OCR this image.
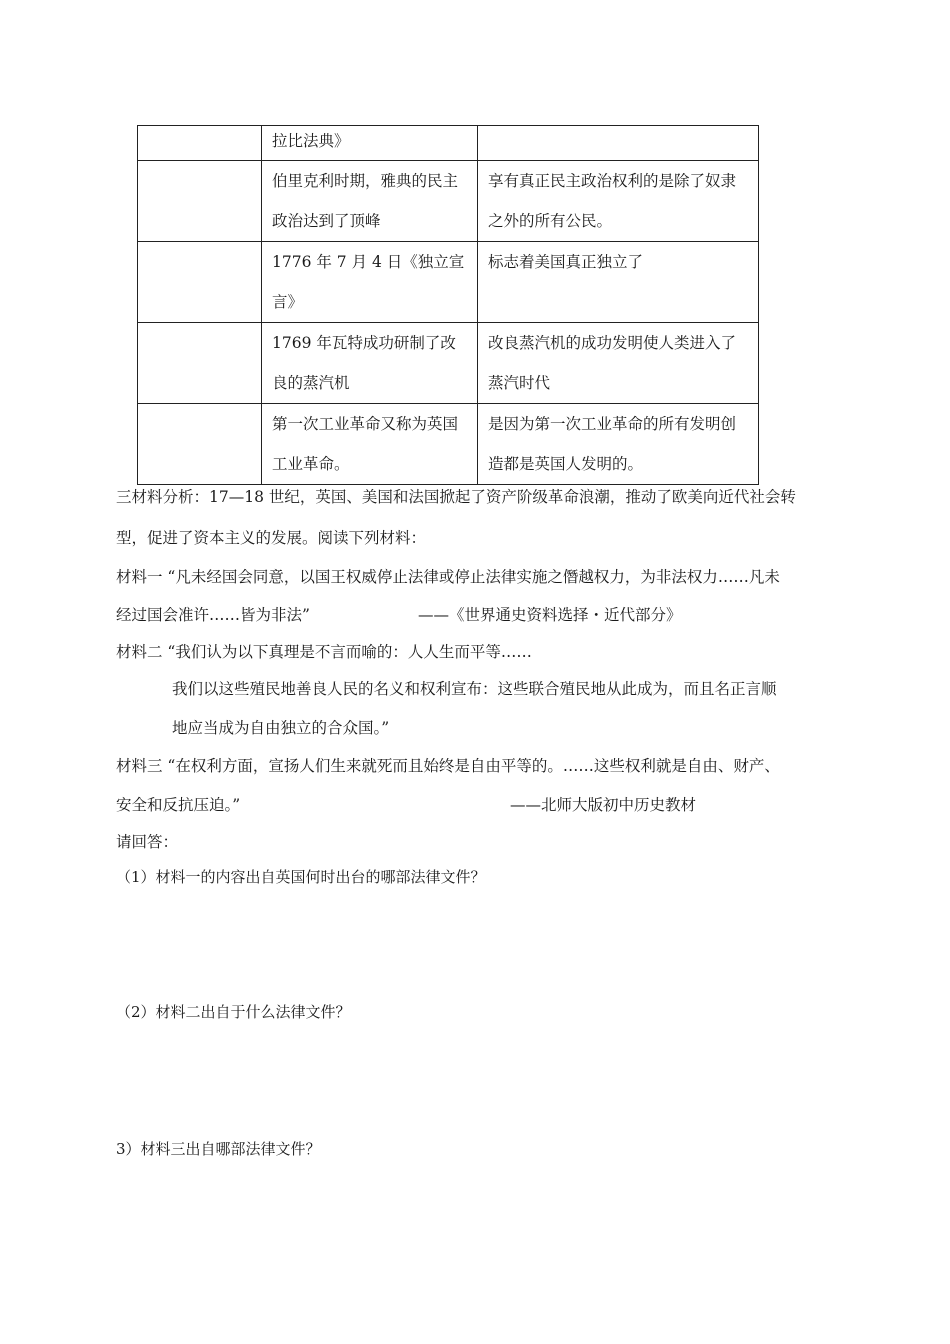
	拉比法典》	
	伯里克利时期，雅典的民主政治达到了顶峰	享有真正民主政治权利的是除了奴隶之外的所有公民。
	1776 年 7 月 4 日《独立宣言》	标志着美国真正独立了
	1769 年瓦特成功研制了改良的蒸汽机	改良蒸汽机的成功发明使人类进入了蒸汽时代
	第一次工业革命又称为英国工业革命。	是因为第一次工业革命的所有发明创造都是英国人发明的。
三材料分析：17—18 世纪，英国、美国和法国掀起了资产阶级革命浪潮，推动了欧美向近代社会转
型，促进了资本主义的发展。阅读下列材料：
材料一 “凡未经国会同意，以国王权威停止法律或停止法律实施之僭越权力，为非法权力……凡未
经过国会准许……皆为非法”	——《世界通史资料选择・近代部分》
材料二 “我们认为以下真理是不言而喻的：人人生而平等……
我们以这些殖民地善良人民的名义和权利宣布：这些联合殖民地从此成为，而且名正言顺
地应当成为自由独立的合众国。”
材料三 “在权利方面，宣扬人们生来就死而且始终是自由平等的。……这些权利就是自由、财产、
安全和反抗压迫。”	——北师大版初中历史教材
请回答：
（1）材料一的内容出自英国何时出台的哪部法律文件？
（2）材料二出自于什么法律文件？
3）材料三出自哪部法律文件？
